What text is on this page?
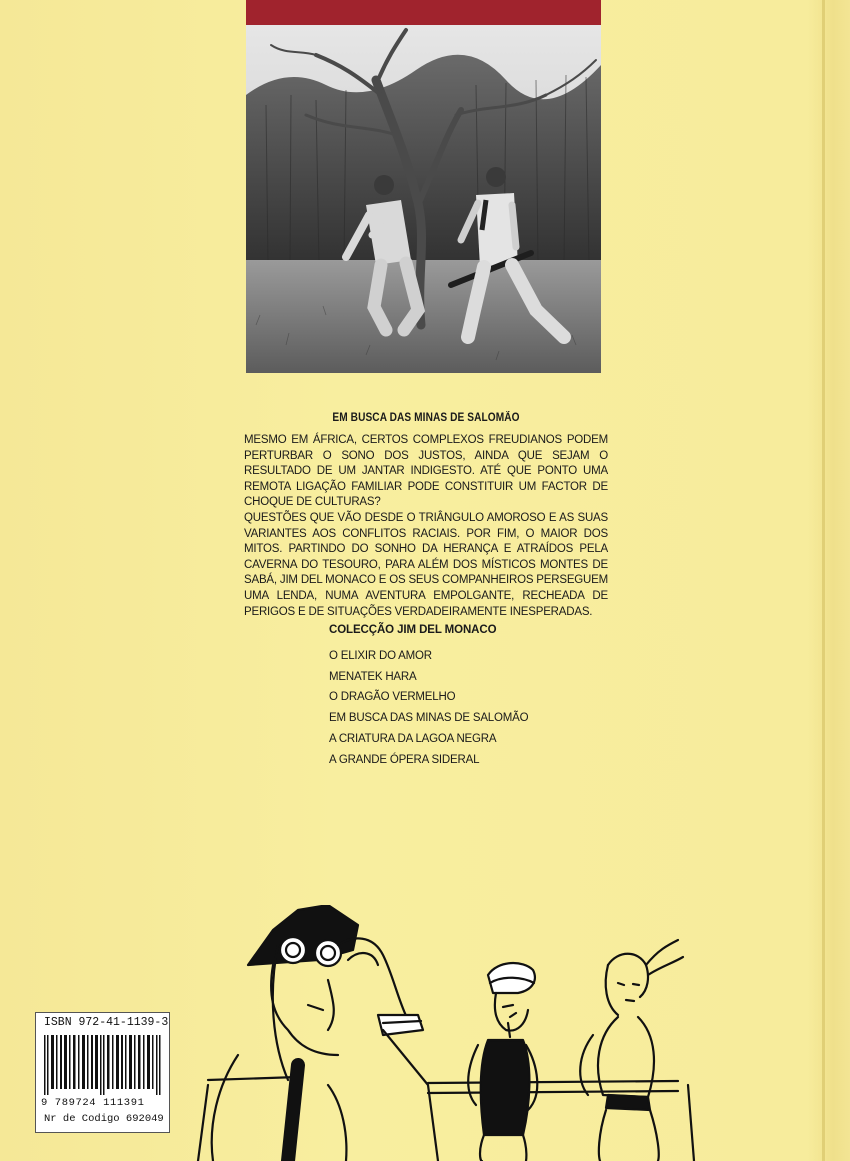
EM BUSCA DAS MINAS DE SALOMÃO

MESMO EM ÁFRICA, CERTOS COMPLEXOS FREUDIANOS PODEM PERTURBAR O SONO DOS JUSTOS, AINDA QUE SEJAM O RESULTADO DE UM JANTAR INDIGESTO. ATÉ QUE PONTO UMA REMOTA LIGAÇÃO FAMILIAR PODE CONSTITUIR UM FACTOR DE CHOQUE DE CULTURAS?

QUESTÕES QUE VÃO DESDE O TRIÂNGULO AMOROSO E AS SUAS VARIANTES AOS CONFLITOS RACIAIS. POR FIM, O MAIOR DOS MITOS. PARTINDO DO SONHO DA HERANÇA E ATRAÍDOS PELA CAVERNA DO TESOURO, PARA ALÉM DOS MÍSTICOS MONTES DE SABÁ, JIM DEL MONACO E OS SEUS COMPANHEIROS PERSEGUEM UMA LENDA, NUMA AVENTURA EMPOLGANTE, RECHEADA DE PERIGOS E DE SITUAÇÕES VERDADEIRAMENTE INESPERADAS.

COLECÇÃO JIM DEL MONACO

O ELIXIR DO AMOR
MENATEK HARA
O DRAGÃO VERMELHO
EM BUSCA DAS MINAS DE SALOMÃO
A CRIATURA DA LAGOA NEGRA
A GRANDE ÓPERA SIDERAL
ISBN 972-41-1139-3
9 789724 111391
Nr de Codigo 692049
